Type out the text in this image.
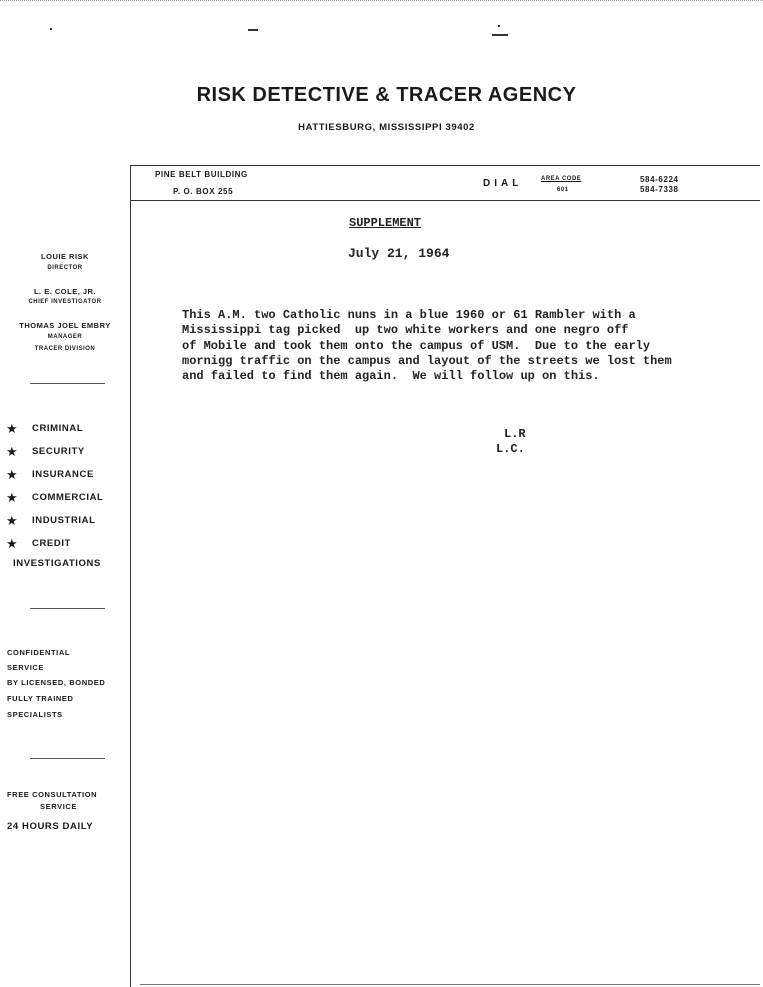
RISK DETECTIVE & TRACER AGENCY
HATTIESBURG, MISSISSIPPI 39402
PINE BELT BUILDING
P. O. BOX 255
DIAL	AREA CODE
601
584-6224
584-7338
LOUIE RISK
DIRECTOR
L. E. COLE, JR.
CHIEF INVESTIGATOR
THOMAS JOEL EMBRY
MANAGER
TRACER DIVISION
★ CRIMINAL
★ SECURITY
★ INSURANCE
★ COMMERCIAL
★ INDUSTRIAL
★ CREDIT
INVESTIGATIONS
CONFIDENTIAL
SERVICE
BY LICENSED, BONDED
FULLY TRAINED
SPECIALISTS
FREE CONSULTATION
SERVICE
24 HOURS DAILY
SUPPLEMENT
July 21, 1964
This A.M. two Catholic nuns in a blue 1960 or 61 Rambler with a
Mississippi tag picked  up two white workers and one negro off
of Mobile and took them onto the campus of USM.  Due to the early
mornigg traffic on the campus and layout of the streets we lost them
and failed to find them again.  We will follow up on this.
L.R
L.C.
